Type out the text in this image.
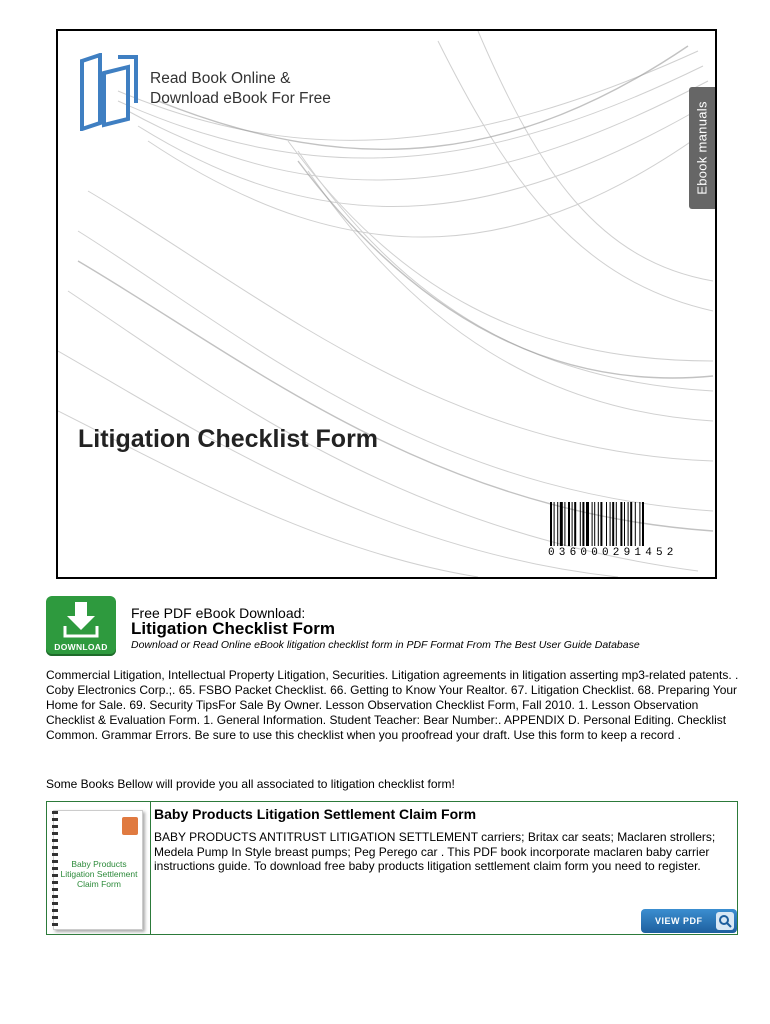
Read Book Online &
Download eBook For Free
Ebook manuals
Litigation Checklist Form
036000291452
DOWNLOAD
Free PDF eBook Download:
Litigation Checklist Form
Download or Read Online eBook litigation checklist form in PDF Format From The Best User Guide Database
Commercial Litigation, Intellectual Property Litigation, Securities. Litigation agreements in litigation asserting mp3-related patents. . Coby Electronics Corp.;. 65. FSBO Packet Checklist. 66. Getting to Know Your Realtor. 67. Litigation Checklist. 68. Preparing Your Home for Sale. 69. Security TipsFor Sale By Owner. Lesson Observation Checklist Form, Fall 2010. 1. Lesson Observation Checklist & Evaluation Form. 1. General Information. Student Teacher: Bear Number:. APPENDIX D. Personal Editing. Checklist Common. Grammar Errors. Be sure to use this checklist when you proofread your draft. Use this form to keep a record .
Some Books Bellow will provide you all associated to litigation checklist form!
Baby Products Litigation Settlement Claim Form
Baby Products Litigation Settlement Claim Form
BABY PRODUCTS ANTITRUST LITIGATION SETTLEMENT carriers; Britax car seats; Maclaren strollers; Medela Pump In Style breast pumps; Peg Perego car . This PDF book incorporate maclaren baby carrier instructions guide. To download free baby products litigation settlement claim form you need to register.
VIEW PDF
